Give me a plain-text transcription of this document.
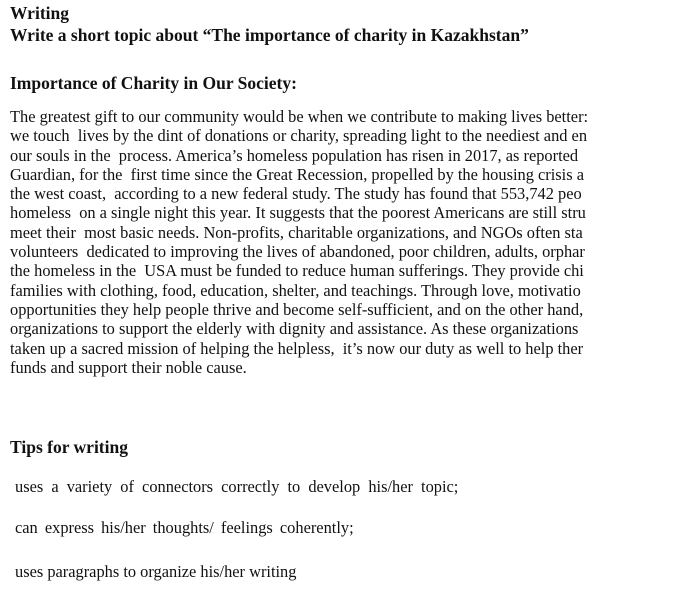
Writing

Write a short topic about “The importance of charity in Kazakhstan”

Importance of Charity in Our Society:

The greatest gift to our community would be when we contribute to making lives better:
we touch  lives by the dint of donations or charity, spreading light to the neediest and en
our souls in the  process. America’s homeless population has risen in 2017, as reported
Guardian, for the  first time since the Great Recession, propelled by the housing crisis a
the west coast,  according to a new federal study. The study has found that 553,742 peo
homeless  on a single night this year. It suggests that the poorest Americans are still stru
meet their  most basic needs. Non-profits, charitable organizations, and NGOs often sta
volunteers  dedicated to improving the lives of abandoned, poor children, adults, orphar
the homeless in the  USA must be funded to reduce human sufferings. They provide chi
families with clothing, food, education, shelter, and teachings. Through love, motivatio
opportunities they help people thrive and become self-sufficient, and on the other hand,
organizations to support the elderly with dignity and assistance. As these organizations
taken up a sacred mission of helping the helpless,  it’s now our duty as well to help ther
funds and support their noble cause.

Tips for writing

uses a variety of connectors correctly to develop his/her topic;

can express his/her thoughts/ feelings coherently;

uses paragraphs to organize his/her writing
